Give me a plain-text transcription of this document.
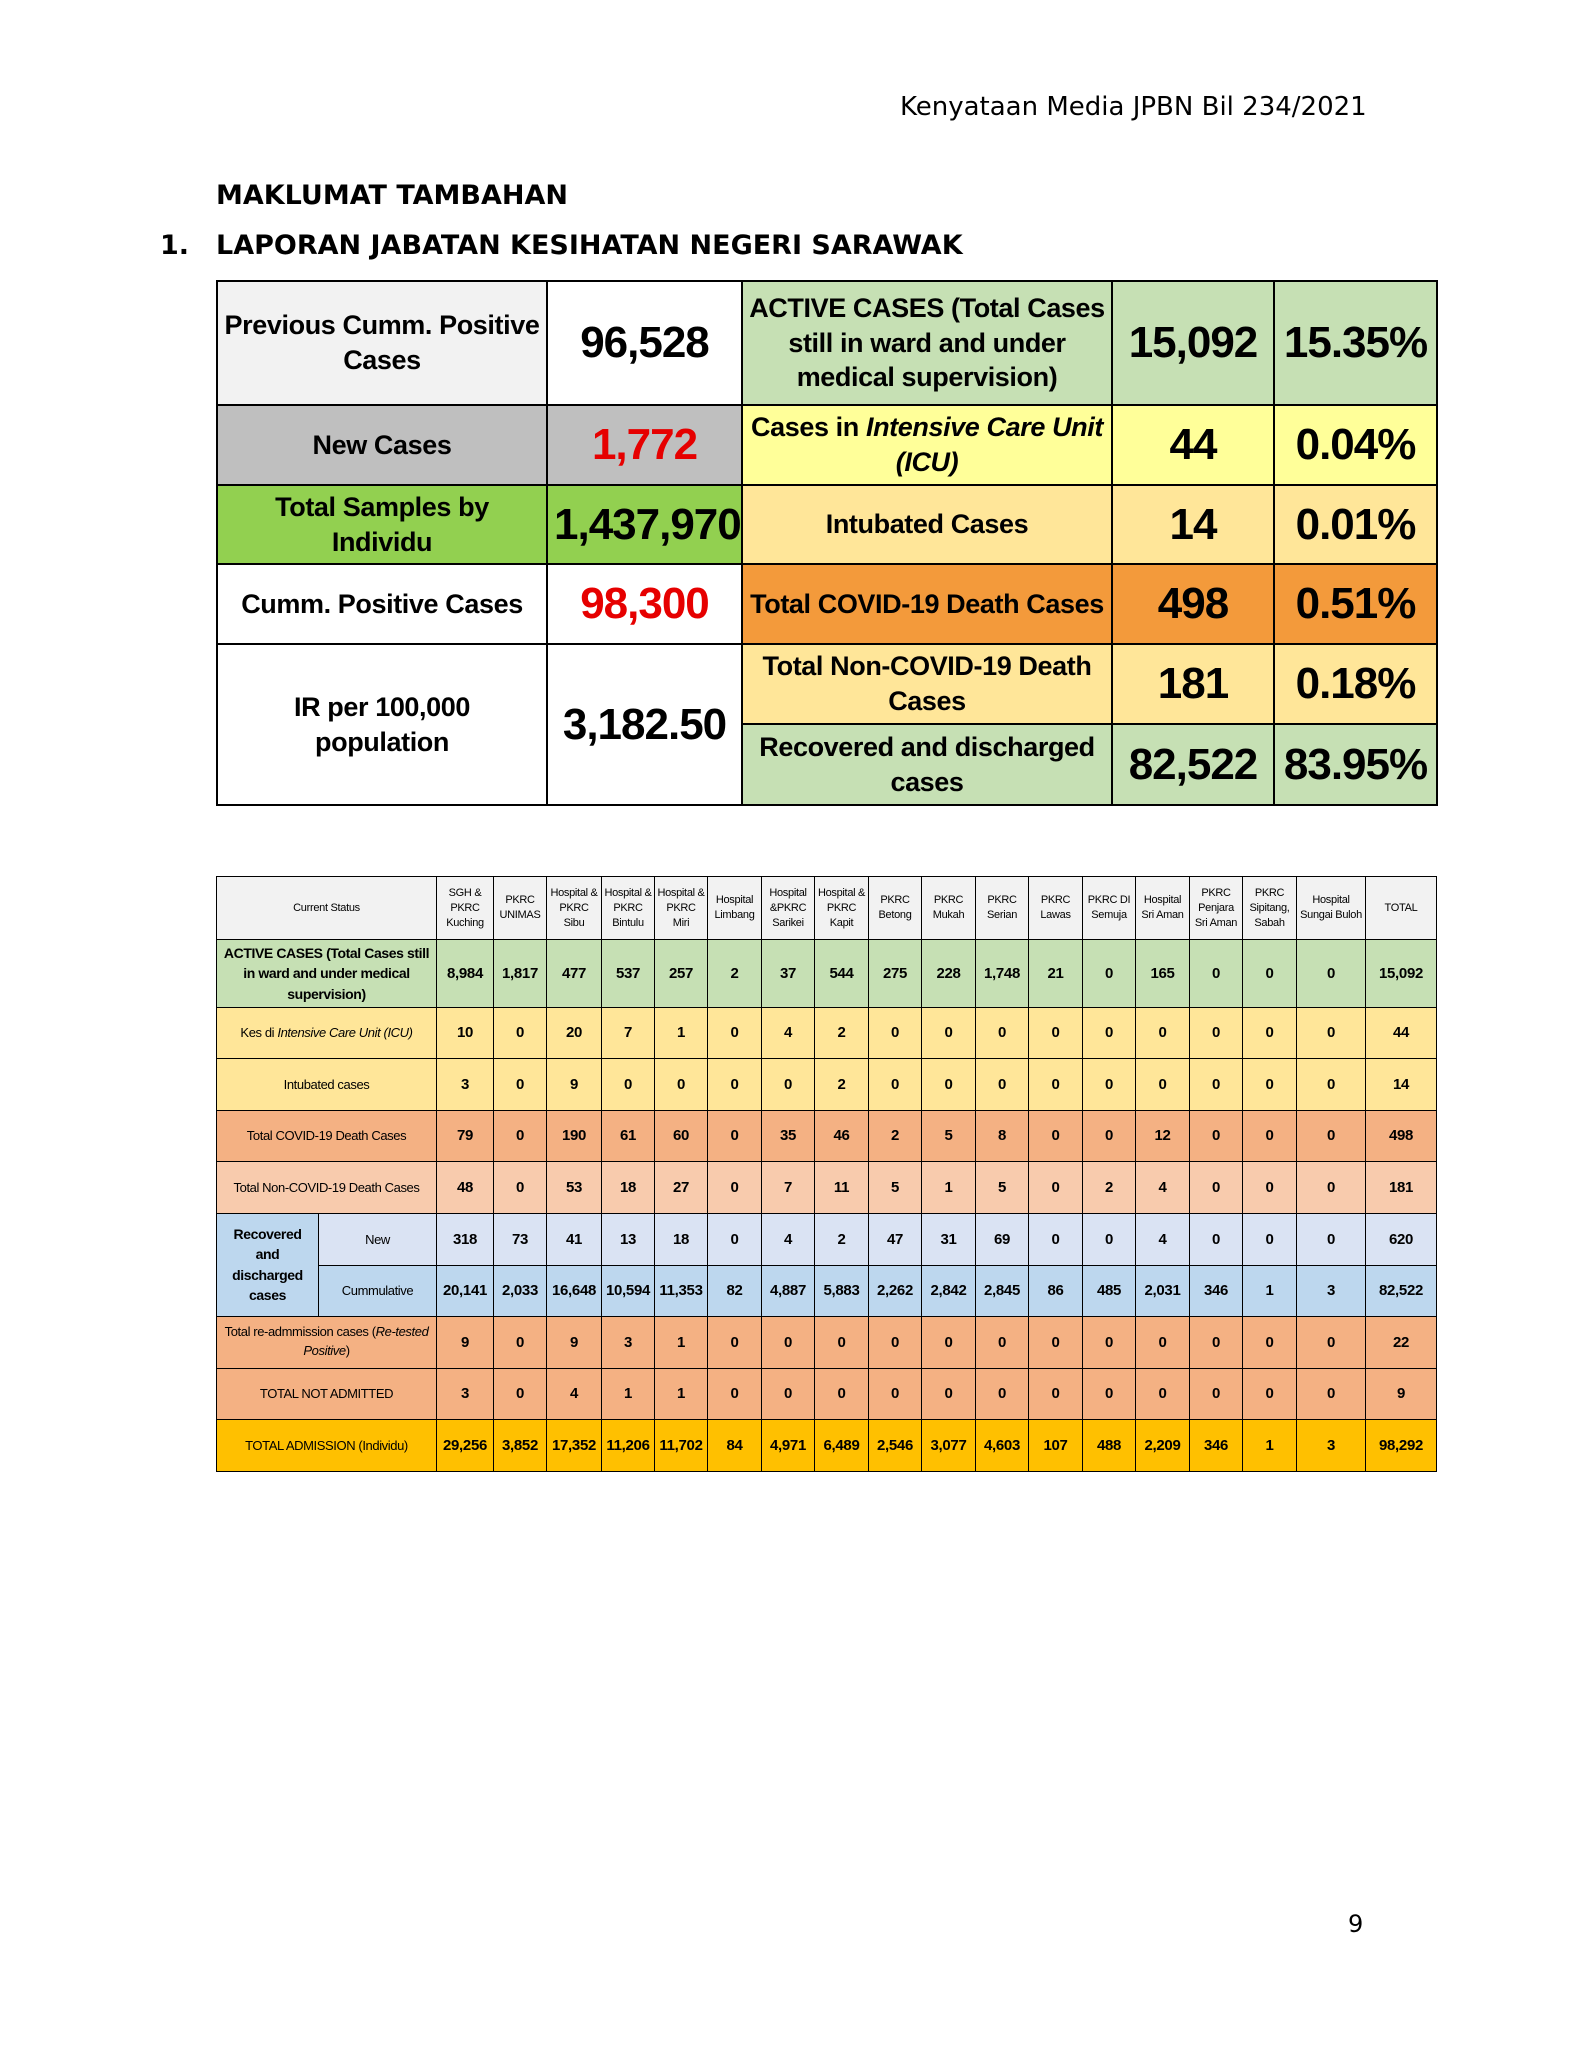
Kenyataan Media JPBN Bil 234/2021
MAKLUMAT TAMBAHAN
1. LAPORAN JABATAN KESIHATAN NEGERI SARAWAK
Previous Cumm. Positive Cases	96,528	ACTIVE CASES (Total Cases still in ward and under medical supervision)	15,092	15.35%
New Cases	1,772	Cases in Intensive Care Unit (ICU)	44	0.04%
Total Samples by Individu	1,437,970	Intubated Cases	14	0.01%
Cumm. Positive Cases	98,300	Total COVID-19 Death Cases	498	0.51%
IR per 100,000 population	3,182.50	Total Non-COVID-19 Death Cases	181	0.18%
		Recovered and discharged cases	82,522	83.95%
Current Status		SGH & PKRC Kuching	PKRC UNIMAS	Hospital & PKRC Sibu	Hospital & PKRC Bintulu	Hospital & PKRC Miri	Hospital Limbang	Hospital &PKRC Sarikei	Hospital & PKRC Kapit	PKRC Betong	PKRC Mukah	PKRC Serian	PKRC Lawas	PKRC DI Semuja	Hospital Sri Aman	PKRC Penjara Sri Aman	PKRC Sipitang, Sabah	Hospital Sungai Buloh	TOTAL
ACTIVE CASES (Total Cases still in ward and under medical supervision)		8,984	1,817	477	537	257	2	37	544	275	228	1,748	21	0	165	0	0	0	15,092
Kes di Intensive Care Unit (ICU)		10	0	20	7	1	0	4	2	0	0	0	0	0	0	0	0	0	44
Intubated cases		3	0	9	0	0	0	0	2	0	0	0	0	0	0	0	0	0	14
Total COVID-19 Death Cases		79	0	190	61	60	0	35	46	2	5	8	0	0	12	0	0	0	498
Total Non-COVID-19 Death Cases		48	0	53	18	27	0	7	11	5	1	5	0	2	4	0	0	0	181
Recovered and discharged cases	New	318	73	41	13	18	0	4	2	47	31	69	0	0	4	0	0	0	620
	Cummulative	20,141	2,033	16,648	10,594	11,353	82	4,887	5,883	2,262	2,842	2,845	86	485	2,031	346	1	3	82,522
Total re-admmission cases (Re-tested Positive)		9	0	9	3	1	0	0	0	0	0	0	0	0	0	0	0	0	22
TOTAL NOT ADMITTED		3	0	4	1	1	0	0	0	0	0	0	0	0	0	0	0	0	9
TOTAL ADMISSION (Individu)		29,256	3,852	17,352	11,206	11,702	84	4,971	6,489	2,546	3,077	4,603	107	488	2,209	346	1	3	98,292
9
